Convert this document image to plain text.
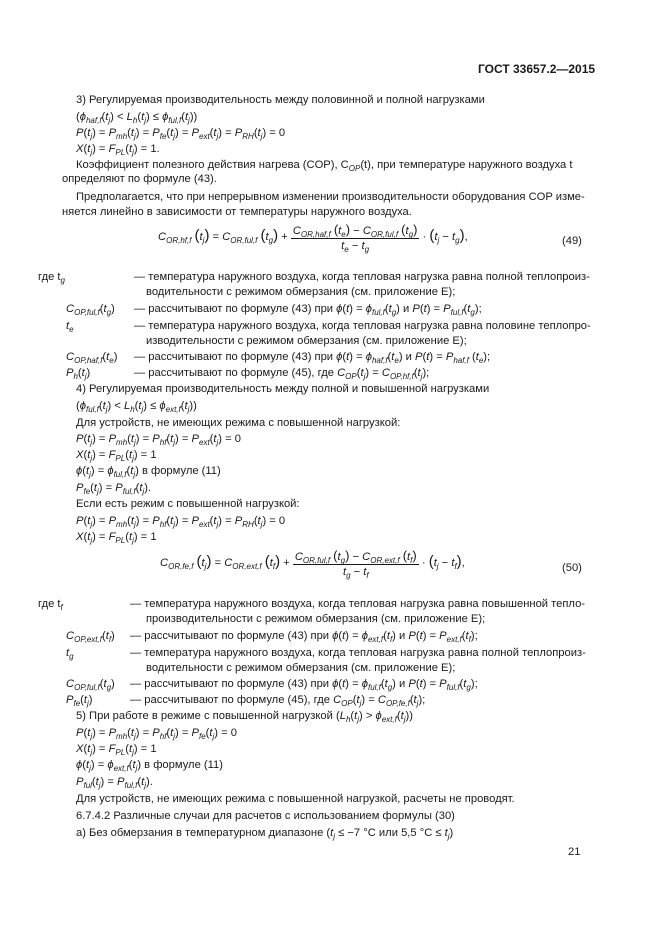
ГОСТ 33657.2—2015
3) Регулируемая производительность между половинной и полной нагрузками
$(\phi_{haf,f}(t_j) < L_h(t_j) \le \phi_{ful,f}(t_j))$
$P(t_j) = P_{mh}(t_j) = P_{fe}(t_j) = P_{ext}(t_j) = P_{RH}(t_j) = 0$
$X(t_j) = F_{PL}(t_j) = 1$.
Коэффициент полезного действия нагрева (COP), $C_{OP}(t)$, при температуре наружного воздуха t
определяют по формуле (43).
Предполагается, что при непрерывном изменении производительности оборудования COP изме-
няется линейно в зависимости от температуры наружного воздуха.
$C_{OR,hf,f}$ $(t_j) = C_{OR,ful,f}$ $(t_g) + \frac{C_{OR,haf,f} (t_e) - C_{OR,ful,f} (t_g)}{t_e - t_g} \cdot (t_j - t_g)$,	(49)
где $t_g$	— температура наружного воздуха, когда тепловая нагрузка равна полной теплопроиз-
водительности с режимом обмерзания (см. приложение Е);
$C_{OP,ful,f}(t_g)$ — рассчитывают по формуле (43) при $\phi(t) = \phi_{ful,f}(t_g)$ и $P(t) = P_{ful,f}(t_g)$;
$t_e$	— температура наружного воздуха, когда тепловая нагрузка равна половине теплопро-
изводительности с режимом обмерзания (см. приложение Е);
$C_{OP,haf,f}(t_e)$ — рассчитывают по формуле (43) при $\phi(t) = \phi_{haf,f}(t_e)$ и $P(t) = P_{haf,f}$ $(t_e)$;
$P_h(t_j)$	— рассчитывают по формуле (45), где $C_{OP}(t_j) = C_{OP,hf,f}(t_j)$;
4) Регулируемая производительность между полной и повышенной нагрузками
$(\phi_{ful,f}(t_j) < L_h(t_j) \le \phi_{ext,f}(t_j))$
Для устройств, не имеющих режима с повышенной нагрузкой:
$P(t_j) = P_{mh}(t_j) = P_{hf}(t_j) = P_{ext}(t_j) = 0$
$X(t_j) = F_{PL}(t_j) = 1$
$\phi(t_j) = \phi_{ful,f}(t_j)$ в формуле (11)
$P_{fe}(t_j) = P_{ful,f}(t_j)$.
Если есть режим с повышенной нагрузкой:
$P(t_j) = P_{mh}(t_j) = P_{hf}(t_j) = P_{ext}(t_j) = P_{RH}(t_j) = 0$
$X(t_j) = F_{PL}(t_j) = 1$
$C_{OR,fe,f}$ $(t_j) = C_{OR,ext,f}$ $(t_f) + \frac{C_{OR,ful,f} (t_g) - C_{OR,ext,f} (t_f)}{t_g - t_f} \cdot (t_j - t_f)$,	(50)
где $t_f$	— температура наружного воздуха, когда тепловая нагрузка равна повышенной тепло-
производительности с режимом обмерзания (см. приложение Е);
$C_{OP,ext,f}(t_f)$ — рассчитывают по формуле (43) при $\phi(t) = \phi_{ext,f}(t_f)$ и $P(t) = P_{ext,f}(t_f)$;
$t_g$	— температура наружного воздуха, когда тепловая нагрузка равна полной теплопроиз-
водительности с режимом обмерзания (см. приложение Е);
$C_{OP,ful,f}(t_g)$ — рассчитывают по формуле (43) при $\phi(t) = \phi_{ful,f}(t_g)$ и $P(t) = P_{ful,f}(t_g)$;
$P_{fe}(t_j)$	— рассчитывают по формуле (45), где $C_{OP}(t_j) = C_{OP,fe,f}(t_j)$;
5) При работе в режиме с повышенной нагрузкой $(L_h(t_j) > \phi_{ext,f}(t_j))$
$P(t_j) = P_{mh}(t_j) = P_{hf}(t_j) = P_{fe}(t_j) = 0$
$X(t_j) = F_{PL}(t_j) = 1$
$\phi(t_j) = \phi_{ext,f}(t_j)$ в формуле (11)
$P_{ful}(t_j) = P_{ful,f}(t_j)$.
Для устройств, не имеющих режима с повышенной нагрузкой, расчеты не проводят.
6.7.4.2 Различные случаи для расчетов с использованием формулы (30)
а) Без обмерзания в температурном диапазоне ($t_j \le -7$ °С или 5,5 $^\circ С \le t_j$)
21
